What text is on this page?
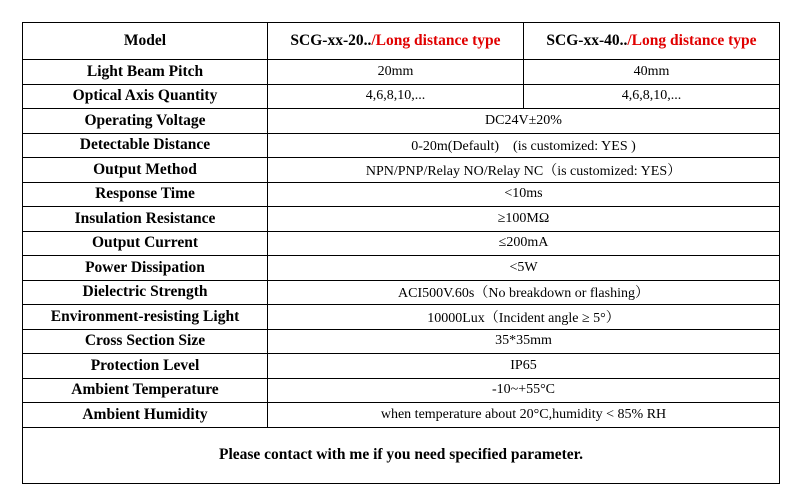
Model	SCG-xx-20../Long distance type	SCG-xx-40../Long distance type
Light Beam Pitch	20mm	40mm
Optical Axis Quantity	4,6,8,10,...	4,6,8,10,...
Operating Voltage	DC24V±20%	
Detectable Distance	0-20m(Default)　(is customized: YES )	
Output Method	NPN/PNP/Relay NO/Relay NC（is customized: YES）	
Response Time	<10ms	
Insulation Resistance	≥100MΩ	
Output Current	≤200mA	
Power Dissipation	<5W	
Dielectric Strength	ACI500V.60s（No breakdown or flashing）	
Environment-resisting Light	10000Lux（Incident angle ≥ 5°）	
Cross Section Size	35*35mm	
Protection Level	IP65	
Ambient Temperature	-10~+55°C	
Ambient Humidity	when temperature about 20°C,humidity < 85% RH	
Please contact with me if you need specified parameter.		
